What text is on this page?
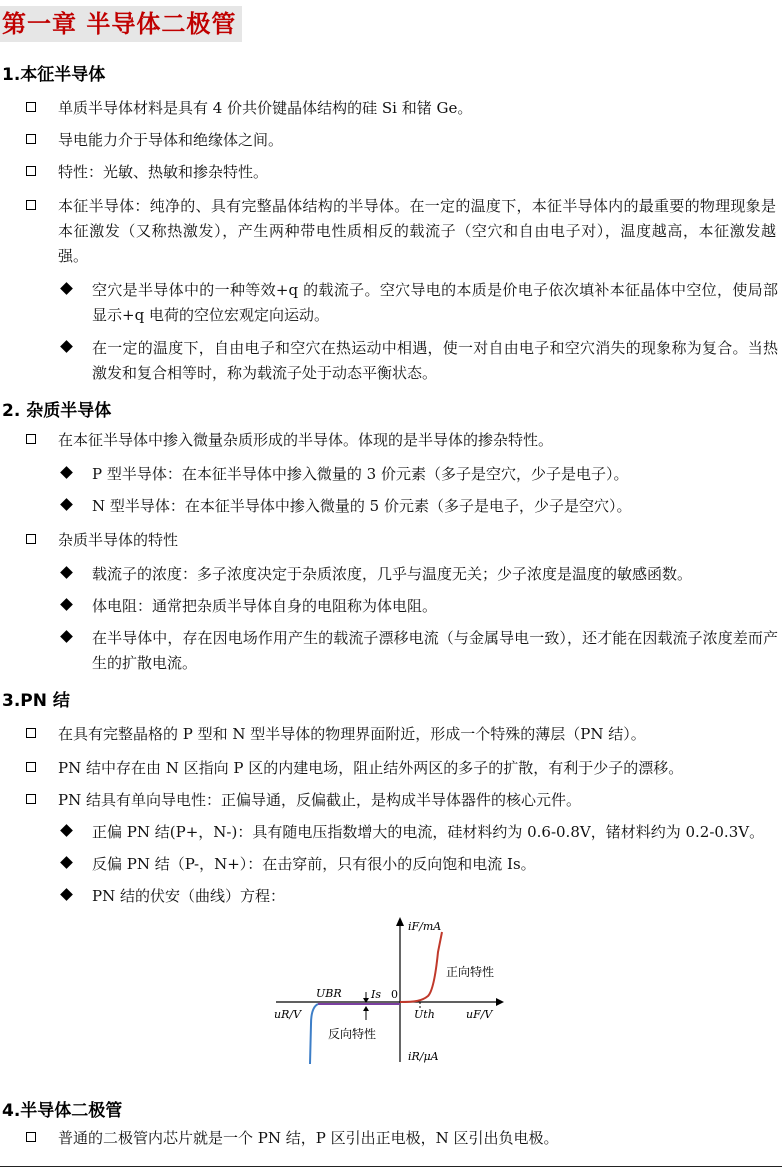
第一章 半导体二极管
1.本征半导体
单质半导体材料是具有 4 价共价键晶体结构的硅 Si 和锗 Ge。
导电能力介于导体和绝缘体之间。
特性：光敏、热敏和掺杂特性。
本征半导体：纯净的、具有完整晶体结构的半导体。在一定的温度下，本征半导体内的最重要的物理现象是本征激发（又称热激发），产生两种带电性质相反的载流子（空穴和自由电子对），温度越高，本征激发越强。
空穴是半导体中的一种等效+q 的载流子。空穴导电的本质是价电子依次填补本征晶体中空位，使局部显示+q 电荷的空位宏观定向运动。
在一定的温度下，自由电子和空穴在热运动中相遇，使一对自由电子和空穴消失的现象称为复合。当热激发和复合相等时，称为载流子处于动态平衡状态。
2. 杂质半导体
在本征半导体中掺入微量杂质形成的半导体。体现的是半导体的掺杂特性。
P 型半导体：在本征半导体中掺入微量的 3 价元素（多子是空穴，少子是电子）。
N 型半导体：在本征半导体中掺入微量的 5 价元素（多子是电子，少子是空穴）。
杂质半导体的特性
载流子的浓度：多子浓度决定于杂质浓度，几乎与温度无关；少子浓度是温度的敏感函数。
体电阻：通常把杂质半导体自身的电阻称为体电阻。
在半导体中，存在因电场作用产生的载流子漂移电流（与金属导电一致），还才能在因载流子浓度差而产生的扩散电流。
3.PN 结
在具有完整晶格的 P 型和 N 型半导体的物理界面附近，形成一个特殊的薄层（PN 结）。
PN 结中存在由 N 区指向 P 区的内建电场，阻止结外两区的多子的扩散，有利于少子的漂移。
PN 结具有单向导电性：正偏导通，反偏截止，是构成半导体器件的核心元件。
正偏 PN 结(P+，N-)：具有随电压指数增大的电流，硅材料约为 0.6-0.8V，锗材料约为 0.2-0.3V。
反偏 PN 结（P-，N+）：在击穿前，只有很小的反向饱和电流 Is。
PN 结的伏安（曲线）方程：
iF/mA
正向特性
UBR	Is 0
uR/V	Uth	uF/V
反向特性
iR/μA
4.半导体二极管
普通的二极管内芯片就是一个 PN 结，P 区引出正电极，N 区引出负电极。
